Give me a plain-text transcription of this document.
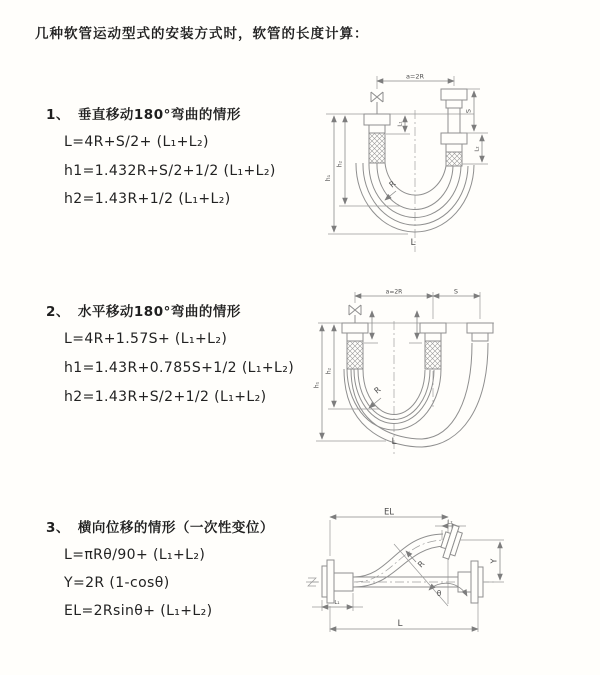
几种软管运动型式的安装方式时，软管的长度计算：
1、 垂直移动180°弯曲的情形
L=4R+S/2+ (L₁+L₂)
h1=1.432R+S/2+1/2 (L₁+L₂)
h2=1.43R+1/2 (L₁+L₂)
2、 水平移动180°弯曲的情形
L=4R+1.57S+ (L₁+L₂)
h1=1.43R+0.785S+1/2 (L₁+L₂)
h2=1.43R+S/2+1/2 (L₁+L₂)
3、 横向位移的情形（一次性变位）
L=πRθ/90+ (L₁+L₂)
Y=2R (1-cosθ)
EL=2Rsinθ+ (L₁+L₂)
a=2R
h₁
h₂
L₁
S
L₂
R
L
a=2R	S
h₁
h₂
R
L
EL
L₂
Y
R
θ
L₁
L
